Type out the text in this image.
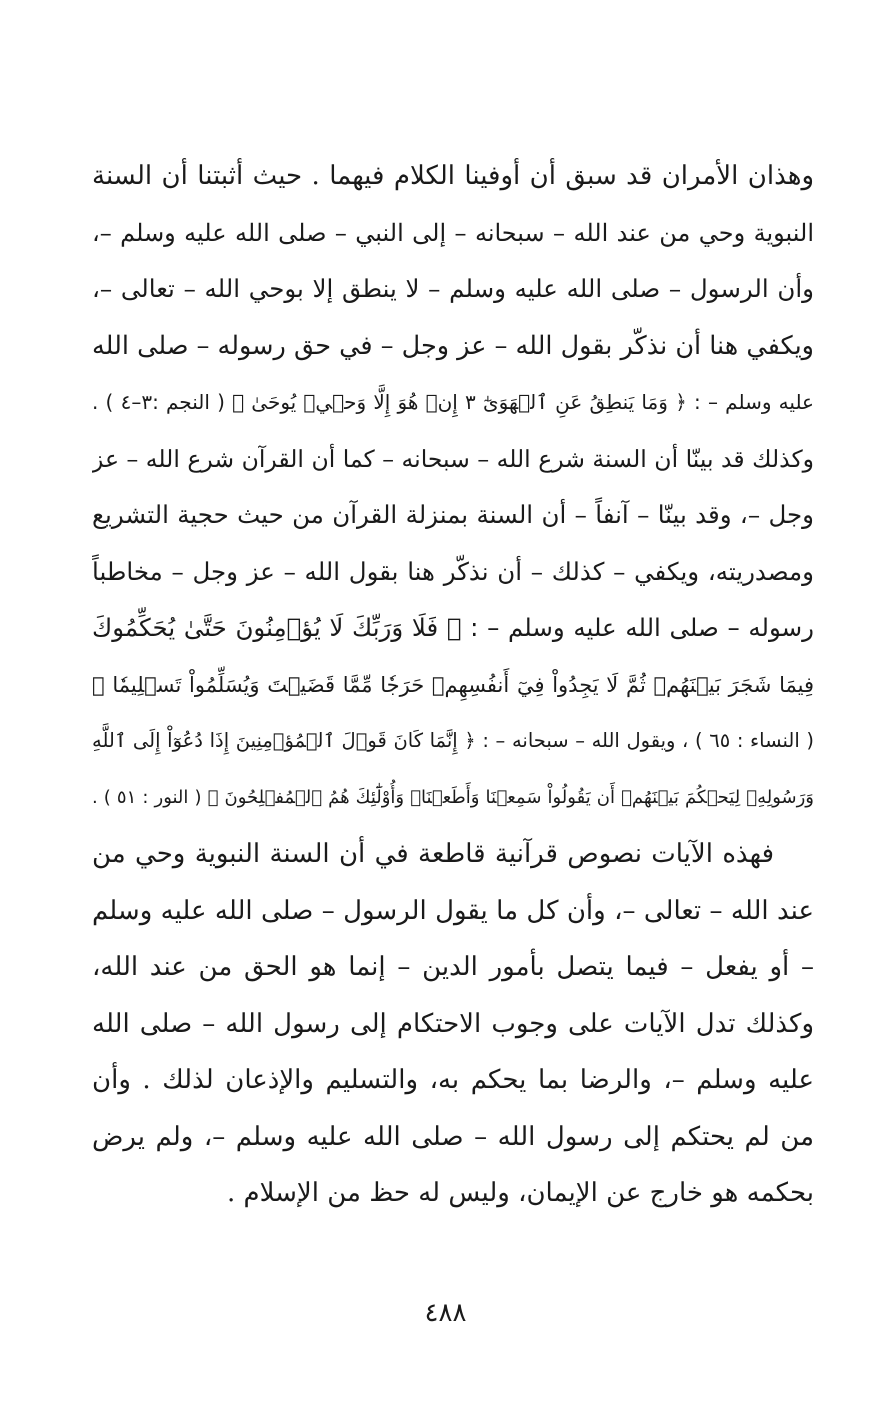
وهذان الأمران قد سبق أن أوفينا الكلام فيهما . حيث أثبتنا أن السنة
النبوية وحي من عند الله – سبحانه – إلى النبي – صلى الله عليه وسلم –،
وأن الرسول – صلى الله عليه وسلم – لا ينطق إلا بوحي الله – تعالى –،
ويكفي هنا أن نذكّر بقول الله – عز وجل – في حق رسوله – صلى الله
عليه وسلم – : ﴿ وَمَا يَنطِقُ عَنِ ٱلۡهَوَىٰٓ ٣ إِنۡ هُوَ إِلَّا وَحۡيٞ يُوحَىٰ ﴾ ( النجم :٣–٤ ) .
وكذلك قد بينّا أن السنة شرع الله – سبحانه – كما أن القرآن شرع الله – عز
وجل –، وقد بينّا – آنفاً – أن السنة بمنزلة القرآن من حيث حجية التشريع
ومصدريته، ويكفي – كذلك – أن نذكّر هنا بقول الله – عز وجل – مخاطباً
رسوله – صلى الله عليه وسلم – : ﴿ فَلَا وَرَبِّكَ لَا يُؤۡمِنُونَ حَتَّىٰ يُحَكِّمُوكَ
فِيمَا شَجَرَ بَيۡنَهُمۡ ثُمَّ لَا يَجِدُواْ فِيٓ أَنفُسِهِمۡ حَرَجٗا مِّمَّا قَضَيۡتَ وَيُسَلِّمُواْ تَسۡلِيمٗا ﴾
( النساء : ٦٥ ) ، ويقول الله – سبحانه – : ﴿ إِنَّمَا كَانَ قَوۡلَ ٱلۡمُؤۡمِنِينَ إِذَا دُعُوٓاْ إِلَى ٱللَّهِ
وَرَسُولِهِۦ لِيَحۡكُمَ بَيۡنَهُمۡ أَن يَقُولُواْ سَمِعۡنَا وَأَطَعۡنَاۚ وَأُوْلَٰٓئِكَ هُمُ ٱلۡمُفۡلِحُونَ ﴾ ( النور : ٥١ ) .
فهذه الآيات نصوص قرآنية قاطعة في أن السنة النبوية وحي من
عند الله – تعالى –، وأن كل ما يقول الرسول – صلى الله عليه وسلم
– أو يفعل – فيما يتصل بأمور الدين – إنما هو الحق من عند الله،
وكذلك تدل الآيات على وجوب الاحتكام إلى رسول الله – صلى الله
عليه وسلم –، والرضا بما يحكم به، والتسليم والإذعان لذلك . وأن
من لم يحتكم إلى رسول الله – صلى الله عليه وسلم –، ولم يرض
بحكمه هو خارج عن الإيمان، وليس له حظ من الإسلام .
٤٨٨
